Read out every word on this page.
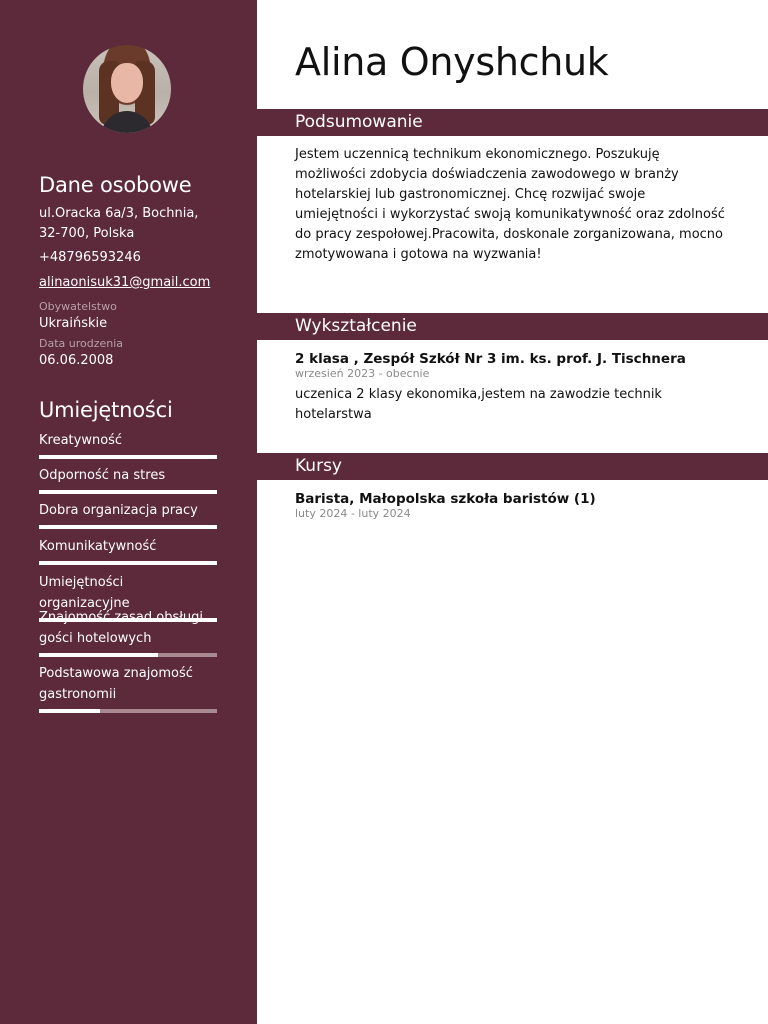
Dane osobowe
ul.Oracka 6a/3, Bochnia,
32-700, Polska
+48796593246
alinaonisuk31@gmail.com
Obywatelstwo
Ukraińskie
Data urodzenia
06.06.2008
Umiejętności
Kreatywność
Odporność na stres
Dobra organizacja pracy
Komunikatywność
Umiejętności organizacyjne
Znajomość zasad obsługi
gości hotelowych
Podstawowa znajomość
gastronomii
Alina Onyshchuk
Podsumowanie
Jestem uczennicą technikum ekonomicznego. Poszukuję
możliwości zdobycia doświadczenia zawodowego w branży
hotelarskiej lub gastronomicznej. Chcę rozwijać swoje
umiejętności i wykorzystać swoją komunikatywność oraz zdolność
do pracy zespołowej.Pracowita, doskonale zorganizowana, mocno
zmotywowana i gotowa na wyzwania!
Wykształcenie
2 klasa , Zespół Szkół Nr 3 im. ks. prof. J. Tischnera
wrzesień 2023 - obecnie
uczenica 2 klasy ekonomika,jestem na zawodzie technik
hotelarstwa
Kursy
Barista, Małopolska szkoła baristów (1)
luty 2024 - luty 2024
